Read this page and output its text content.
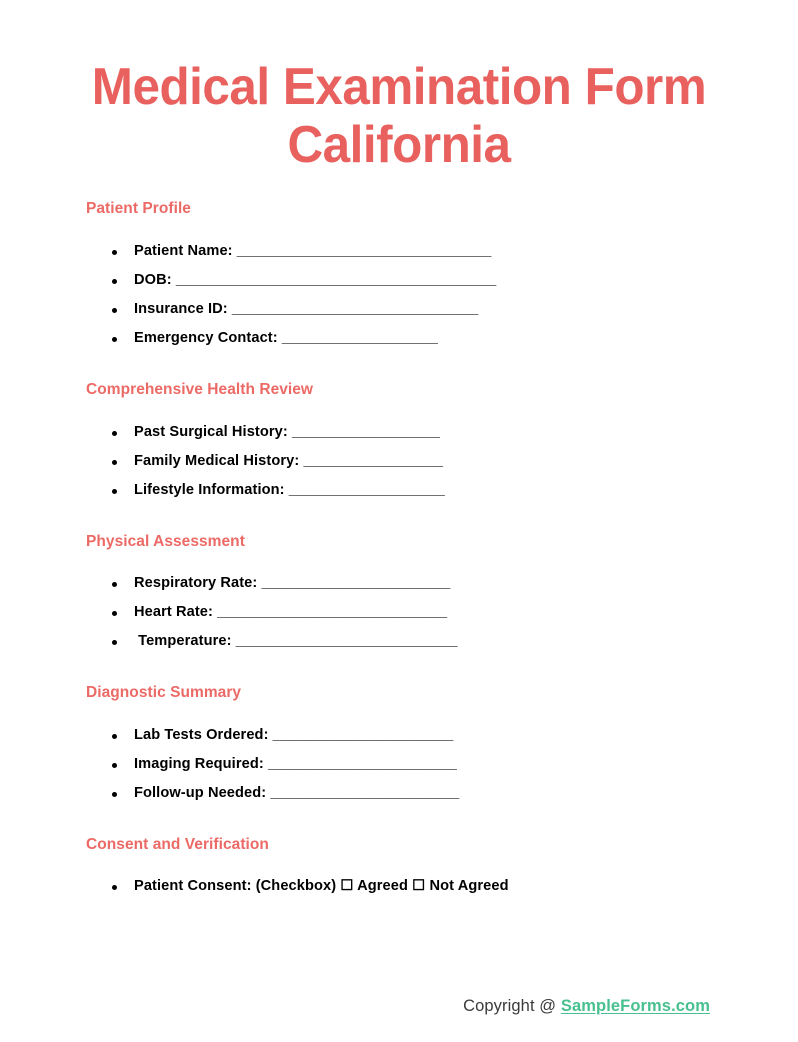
Medical Examination Form
California
Patient Profile
Patient Name: _______________________________
DOB: _______________________________________
Insurance ID: ______________________________
Emergency Contact: ___________________
Comprehensive Health Review
Past Surgical History: __________________
Family Medical History: _________________
Lifestyle Information: ___________________
Physical Assessment
Respiratory Rate: _______________________
Heart Rate: ____________________________
Temperature: ___________________________
Diagnostic Summary
Lab Tests Ordered: ______________________
Imaging Required: _______________________
Follow-up Needed: _______________________
Consent and Verification
Patient Consent: (Checkbox) ☐ Agreed ☐ Not Agreed
Copyright @ SampleForms.com
